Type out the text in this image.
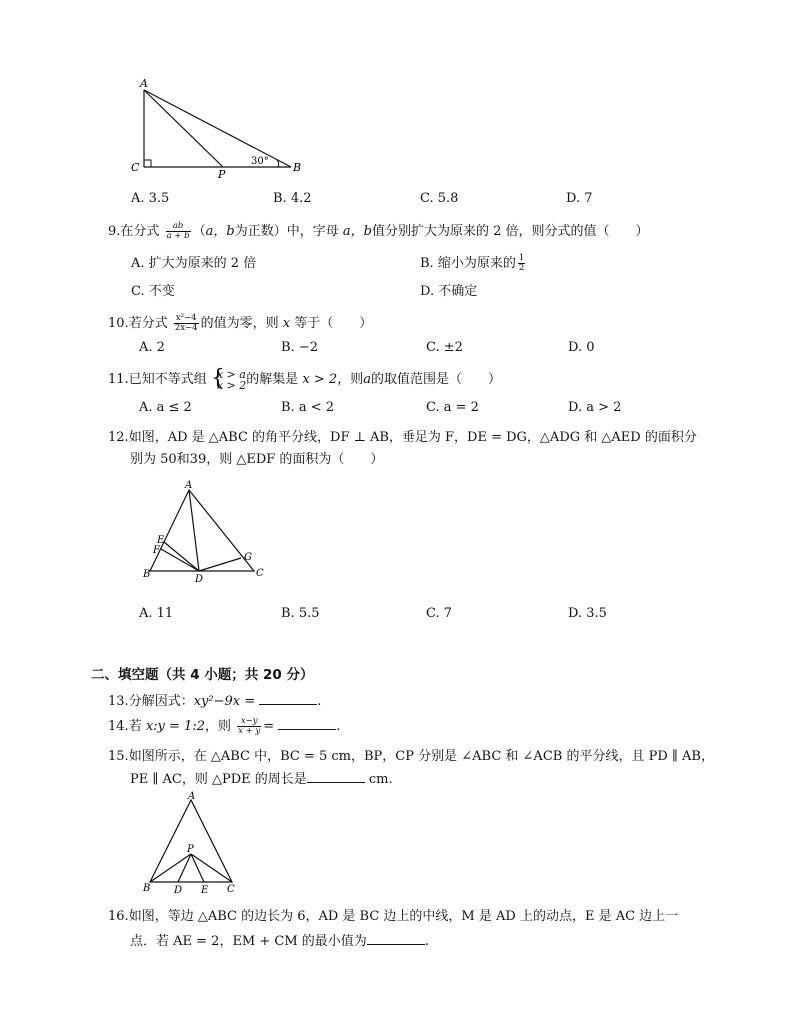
A
C
P
B
30°
A. 3.5	B. 4.2	C. 5.8	D. 7
9.在分式 $\frac{ab}{a + b} (a$，b为正数）中，字母 a，b值分别扩大为原来的 2 倍，则分式的值（　　）
A. 扩大为原来的 2 倍	B. 缩小为原来的 $\frac{1}{2}$
C. 不变	D. 不确定
10.若分式 $\frac{\text{x²−4}}{2x-4}$ 的值为零，则 x 等于（　　）
A. 2	B. −2	C. ±2	D. 0
11.已知不等式组 {
x > a
x > 2 的解集是 x > 2，则a的取值范围是（　　）
A. a ≤ 2	B. a < 2	C. a = 2	D. a > 2
12.如图，AD 是 △ABC 的角平分线，DF ⊥ AB，垂足为 F，DE = DG，△ADG 和 △AED 的面积分
别为 50和39，则 △EDF 的面积为（　　）
A
E
F
B	D
G
C
A. 11	B. 5.5	C. 7	D. 3.5
二、填空题（共 4 小题；共 20 分）
13.分解因式：xy²−9x =	.
14.若 x:y = 1:2，则 $\frac{x-y}{x + y}$ =	.
15.如图所示，在 △ABC 中，BC = 5 cm，BP，CP 分别是 ∠ABC 和 ∠ACB 的平分线，且 PD ∥ AB，
PE ∥ AC，则 △PDE 的周长是	cm.
A
P
B D E C
16.如图，等边 △ABC 的边长为 6，AD 是 BC 边上的中线，M 是 AD 上的动点，E 是 AC 边上一
点．若 AE = 2，EM + CM 的最小值为	.
